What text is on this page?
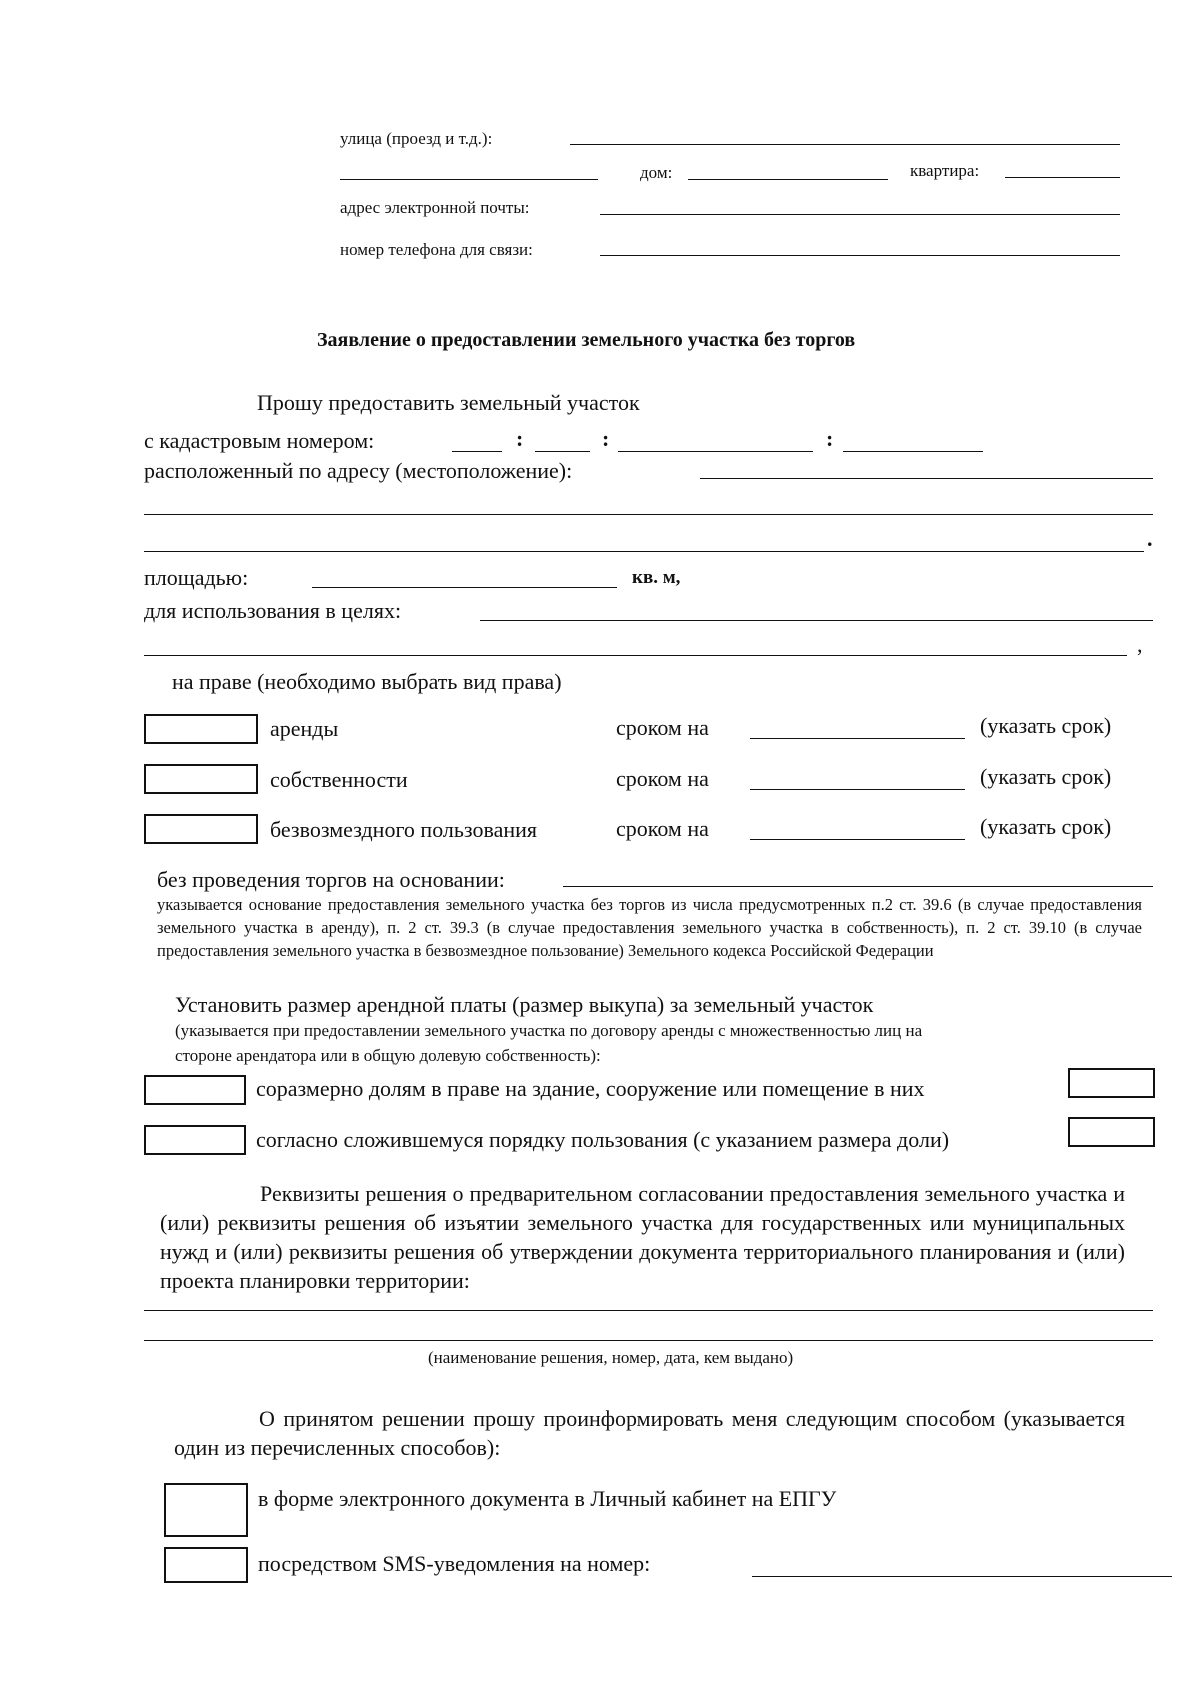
улица (проезд и т.д.):
дом:	квартира:
адрес электронной почты:
номер телефона для связи:
Заявление о предоставлении земельного участка без торгов
Прошу предоставить земельный участок
с кадастровым номером:	:	:	:
расположенный по адресу (местоположение):
.
площадью:	кв. м,
для использования в целях:
,
на праве (необходимо выбрать вид права)
аренды	сроком на	(указать срок)
собственности	сроком на	(указать срок)
безвозмездного пользования	сроком на	(указать срок)
без проведения торгов на основании:
указывается основание предоставления земельного участка без торгов из числа предусмотренных п.2 ст. 39.6 (в случае предоставления земельного участка в аренду), п. 2 ст. 39.3 (в случае предоставления земельного участка в собственность), п. 2 ст. 39.10 (в случае предоставления земельного участка в безвозмездное пользование) Земельного кодекса Российской Федерации
Установить размер арендной платы (размер выкупа) за земельный участок
(указывается при предоставлении земельного участка по договору аренды с множественностью лиц на
стороне арендатора или в общую долевую собственность):
соразмерно долям в праве на здание, сооружение или помещение в них
согласно сложившемуся порядку пользования (с указанием размера доли)
Реквизиты решения о предварительном согласовании предоставления земельного участка и (или) реквизиты решения об изъятии земельного участка для государственных или муниципальных нужд и (или) реквизиты решения об утверждении документа территориального планирования и (или) проекта планировки территории:
(наименование решения, номер, дата, кем выдано)
О принятом решении прошу проинформировать меня следующим способом (указывается один из перечисленных способов):
в форме электронного документа в Личный кабинет на ЕПГУ
посредством SMS-уведомления на номер:
